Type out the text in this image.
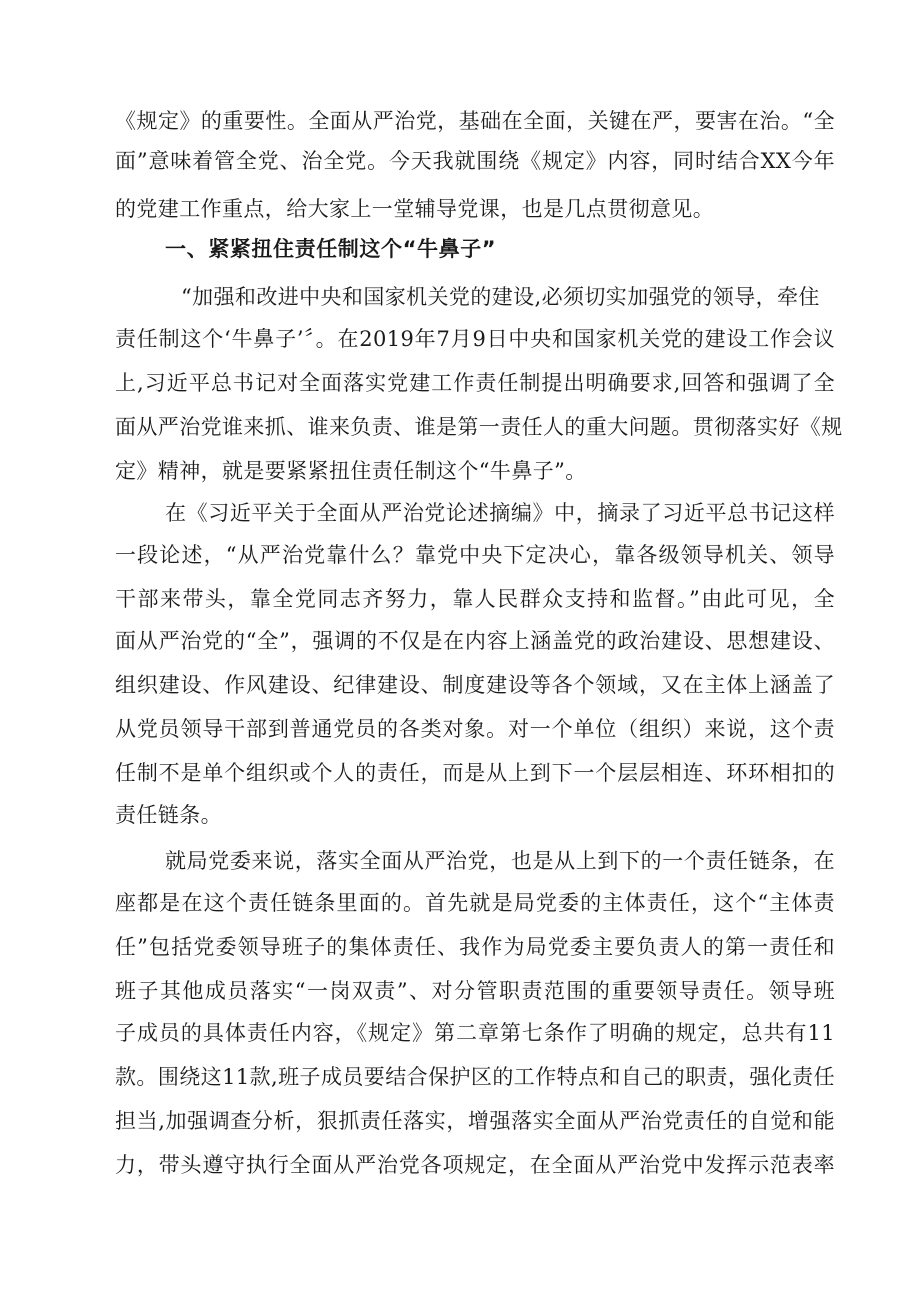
《规定》的重要性。全面从严治党，基础在全面，关键在严，要害在治。“全
面”意味着管全党、治全党。今天我就围绕《规定》内容，同时结合XX今年
的党建工作重点，给大家上一堂辅导党课，也是几点贯彻意见。
一、紧紧扭住责任制这个“牛鼻子”
“加强和改进中央和国家机关党的建设,必须切实加强党的领导，牵住
责任制这个‘牛鼻子’〞。在2019年7月9日中央和国家机关党的建设工作会议
上,习近平总书记对全面落实党建工作责任制提出明确要求,回答和强调了全
面从严治党谁来抓、谁来负责、谁是第一责任人的重大问题。贯彻落实好《规
定》精神，就是要紧紧扭住责任制这个“牛鼻子”。
在《习近平关于全面从严治党论述摘编》中，摘录了习近平总书记这样
一段论述，“从严治党靠什么？靠党中央下定决心，靠各级领导机关、领导
干部来带头，靠全党同志齐努力，靠人民群众支持和监督。”由此可见，全
面从严治党的“全”，强调的不仅是在内容上涵盖党的政治建设、思想建设、
组织建设、作风建设、纪律建设、制度建设等各个领域，又在主体上涵盖了
从党员领导干部到普通党员的各类对象。对一个单位（组织）来说，这个责
任制不是单个组织或个人的责任，而是从上到下一个层层相连、环环相扣的
责任链条。
就局党委来说，落实全面从严治党，也是从上到下的一个责任链条，在
座都是在这个责任链条里面的。首先就是局党委的主体责任，这个“主体责
任”包括党委领导班子的集体责任、我作为局党委主要负责人的第一责任和
班子其他成员落实“一岗双责”、对分管职责范围的重要领导责任。领导班
子成员的具体责任内容，《规定》第二章第七条作了明确的规定，总共有11
款。围绕这11款,班子成员要结合保护区的工作特点和自己的职责，强化责任
担当,加强调查分析，狠抓责任落实，增强落实全面从严治党责任的自觉和能
力，带头遵守执行全面从严治党各项规定，在全面从严治党中发挥示范表率
